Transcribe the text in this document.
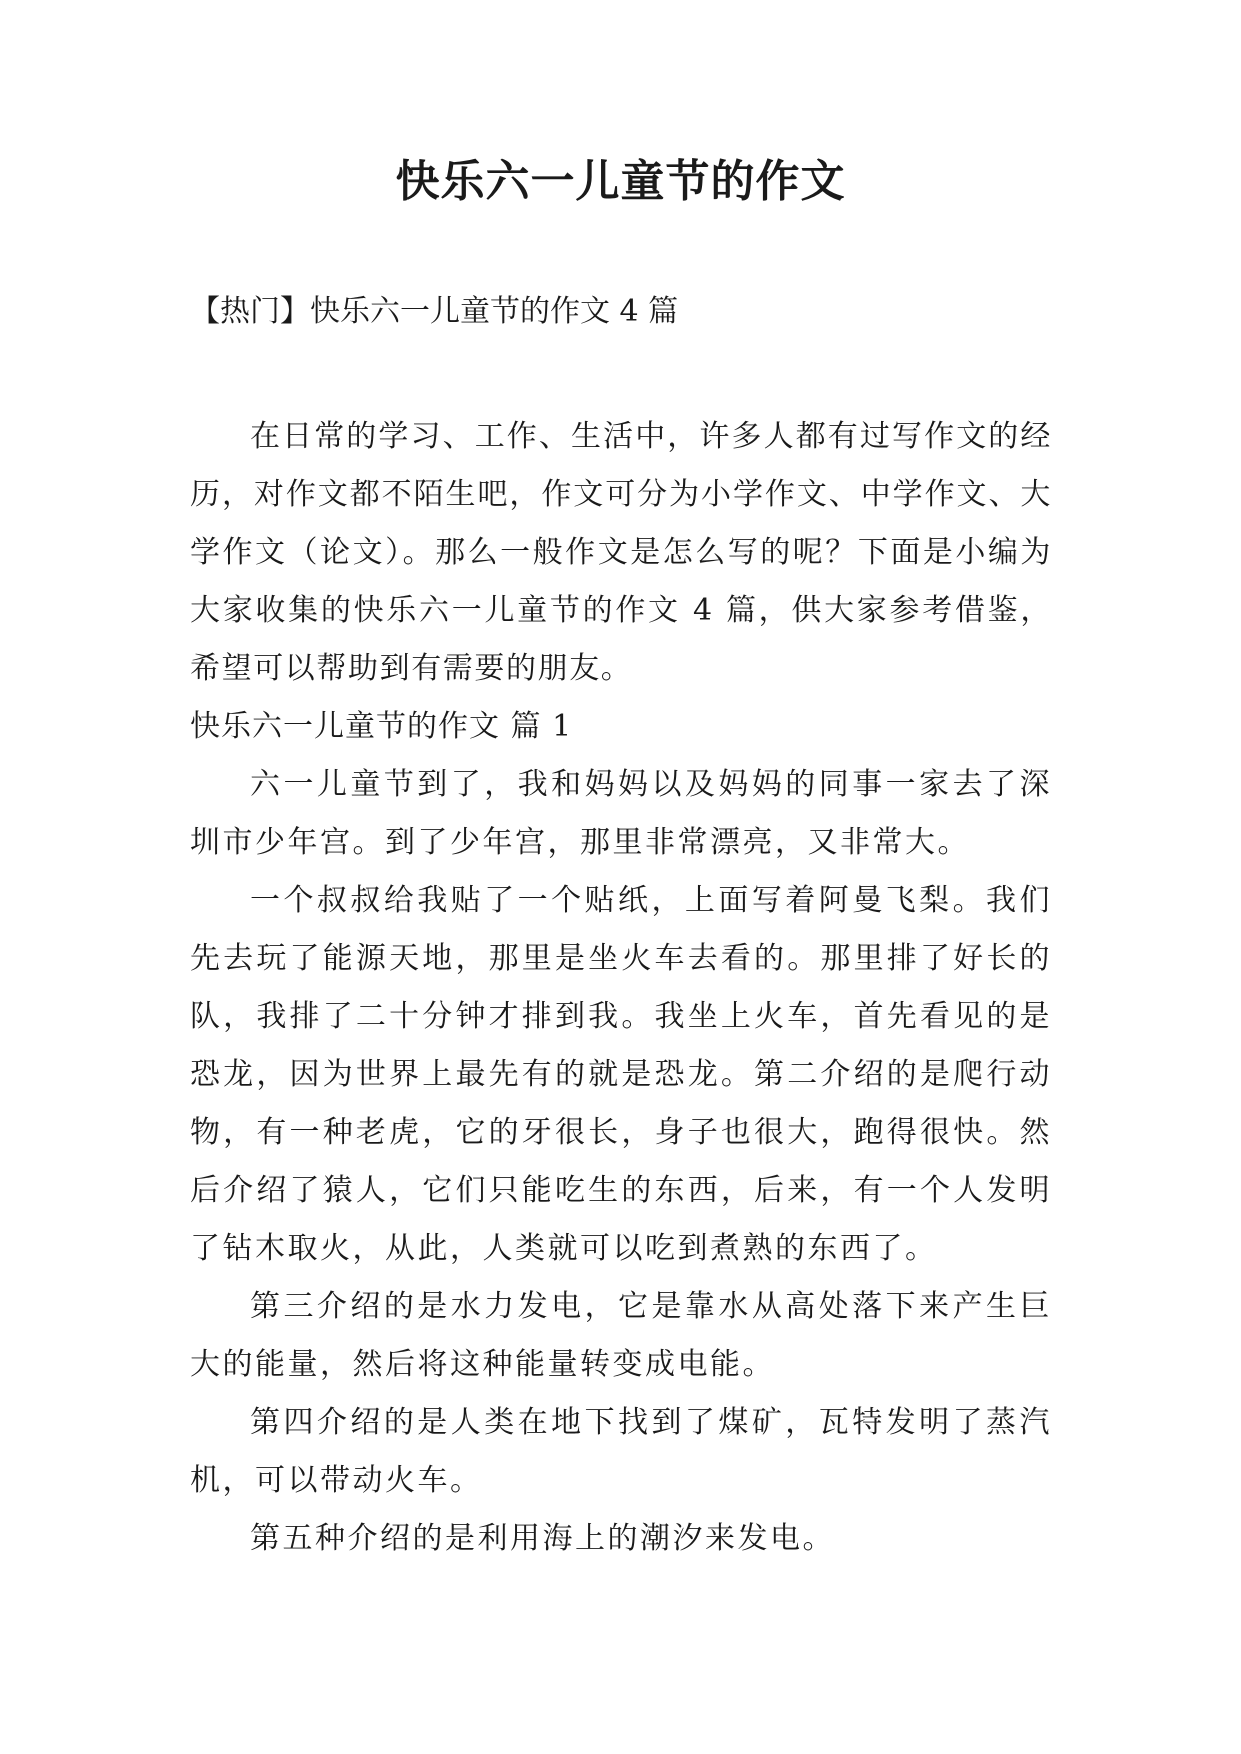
快乐六一儿童节的作文

【热门】快乐六一儿童节的作文 4 篇

在日常的学习、工作、生活中，许多人都有过写作文的经历，对作文都不陌生吧，作文可分为小学作文、中学作文、大学作文（论文）。那么一般作文是怎么写的呢？下面是小编为大家收集的快乐六一儿童节的作文 4 篇，供大家参考借鉴，希望可以帮助到有需要的朋友。

快乐六一儿童节的作文 篇 1

六一儿童节到了，我和妈妈以及妈妈的同事一家去了深圳市少年宫。到了少年宫，那里非常漂亮，又非常大。

一个叔叔给我贴了一个贴纸，上面写着阿曼飞梨。我们先去玩了能源天地，那里是坐火车去看的。那里排了好长的队，我排了二十分钟才排到我。我坐上火车，首先看见的是恐龙，因为世界上最先有的就是恐龙。第二介绍的是爬行动物，有一种老虎，它的牙很长，身子也很大，跑得很快。然后介绍了猿人，它们只能吃生的东西，后来，有一个人发明了钻木取火，从此，人类就可以吃到煮熟的东西了。

第三介绍的是水力发电，它是靠水从高处落下来产生巨大的能量，然后将这种能量转变成电能。

第四介绍的是人类在地下找到了煤矿，瓦特发明了蒸汽机，可以带动火车。

第五种介绍的是利用海上的潮汐来发电。
